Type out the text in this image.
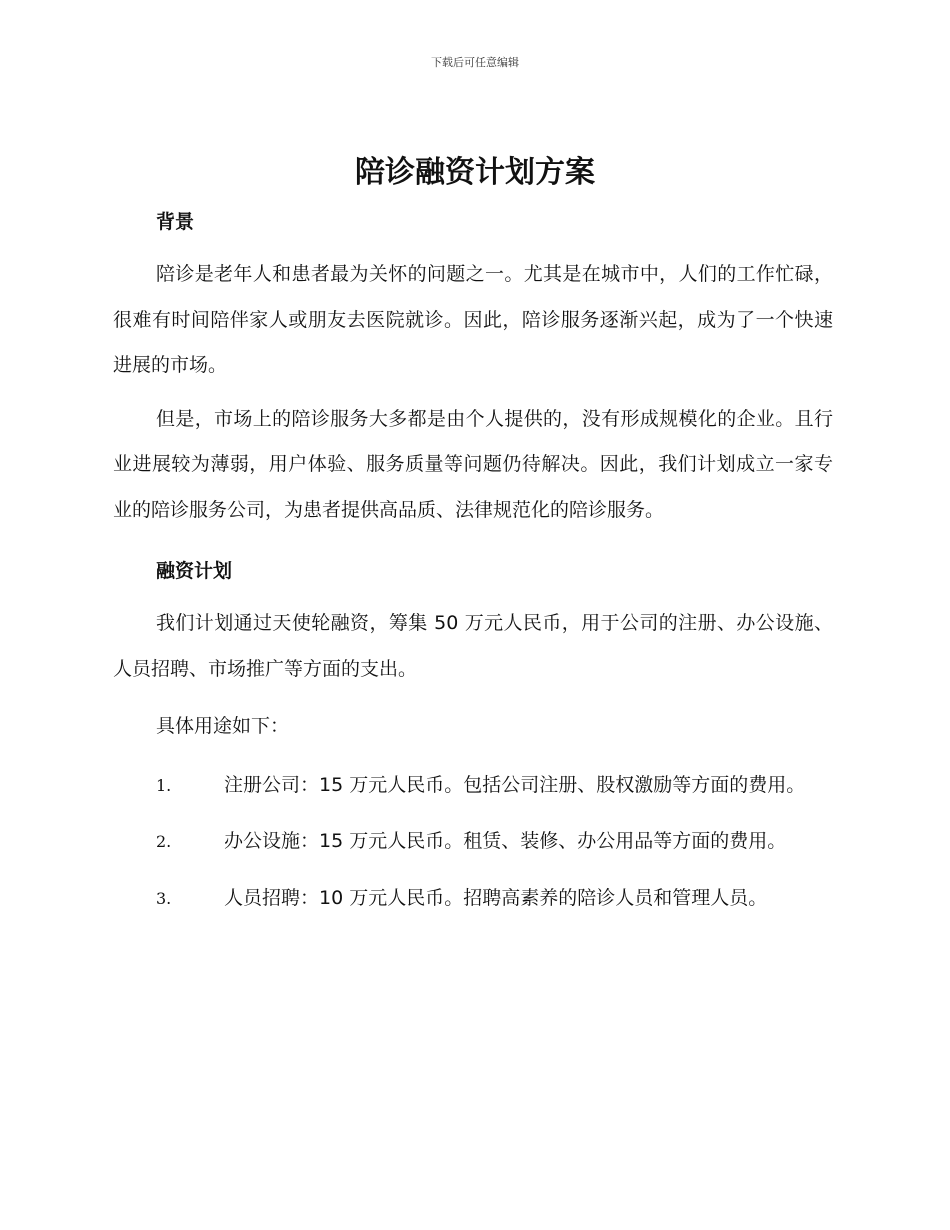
下载后可任意编辑
陪诊融资计划方案
背景

陪诊是老年人和患者最为关怀的问题之一。尤其是在城市中，人们的工作忙碌，很难有时间陪伴家人或朋友去医院就诊。因此，陪诊服务逐渐兴起，成为了一个快速进展的市场。

但是，市场上的陪诊服务大多都是由个人提供的，没有形成规模化的企业。且行业进展较为薄弱，用户体验、服务质量等问题仍待解决。因此，我们计划成立一家专业的陪诊服务公司，为患者提供高品质、法律规范化的陪诊服务。

融资计划

我们计划通过天使轮融资，筹集 50 万元人民币，用于公司的注册、办公设施、人员招聘、市场推广等方面的支出。

具体用途如下：

1.	注册公司：15 万元人民币。包括公司注册、股权激励等方面的费用。
2.	办公设施：15 万元人民币。租赁、装修、办公用品等方面的费用。
3.	人员招聘：10 万元人民币。招聘高素养的陪诊人员和管理人员。
